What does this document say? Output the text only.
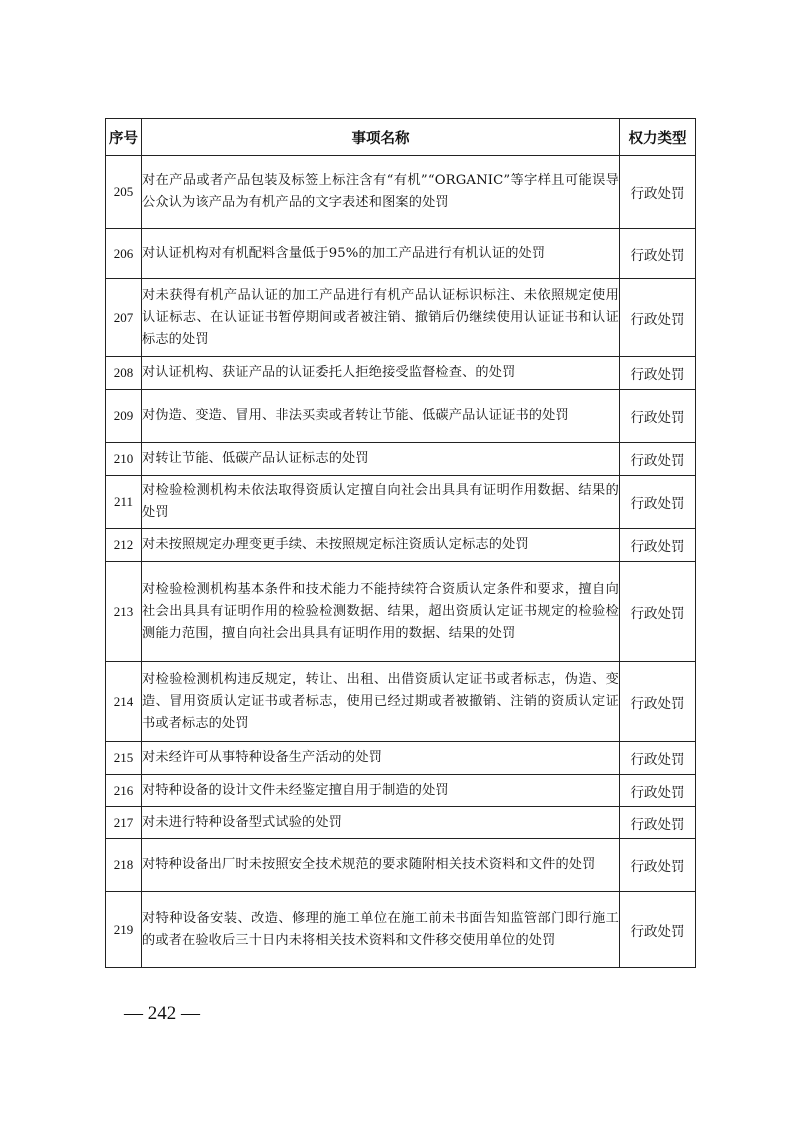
序号	事项名称	权力类型
205	对在产品或者产品包装及标签上标注含有“有机”“ORGANIC”等字样且可能误导公众认为该产品为有机产品的文字表述和图案的处罚	行政处罚
206	对认证机构对有机配料含量低于95%的加工产品进行有机认证的处罚	行政处罚
207	对未获得有机产品认证的加工产品进行有机产品认证标识标注、未依照规定使用认证标志、在认证证书暂停期间或者被注销、撤销后仍继续使用认证证书和认证标志的处罚	行政处罚
208	对认证机构、获证产品的认证委托人拒绝接受监督检查、的处罚	行政处罚
209	对伪造、变造、冒用、非法买卖或者转让节能、低碳产品认证证书的处罚	行政处罚
210	对转让节能、低碳产品认证标志的处罚	行政处罚
211	对检验检测机构未依法取得资质认定擅自向社会出具具有证明作用数据、结果的处罚	行政处罚
212	对未按照规定办理变更手续、未按照规定标注资质认定标志的处罚	行政处罚
213	对检验检测机构基本条件和技术能力不能持续符合资质认定条件和要求，擅自向社会出具具有证明作用的检验检测数据、结果，超出资质认定证书规定的检验检测能力范围，擅自向社会出具具有证明作用的数据、结果的处罚	行政处罚
214	对检验检测机构违反规定，转让、出租、出借资质认定证书或者标志，伪造、变造、冒用资质认定证书或者标志，使用已经过期或者被撤销、注销的资质认定证书或者标志的处罚	行政处罚
215	对未经许可从事特种设备生产活动的处罚	行政处罚
216	对特种设备的设计文件未经鉴定擅自用于制造的处罚	行政处罚
217	对未进行特种设备型式试验的处罚	行政处罚
218	对特种设备出厂时未按照安全技术规范的要求随附相关技术资料和文件的处罚	行政处罚
219	对特种设备安装、改造、修理的施工单位在施工前未书面告知监管部门即行施工的或者在验收后三十日内未将相关技术资料和文件移交使用单位的处罚	行政处罚
— 242 —
